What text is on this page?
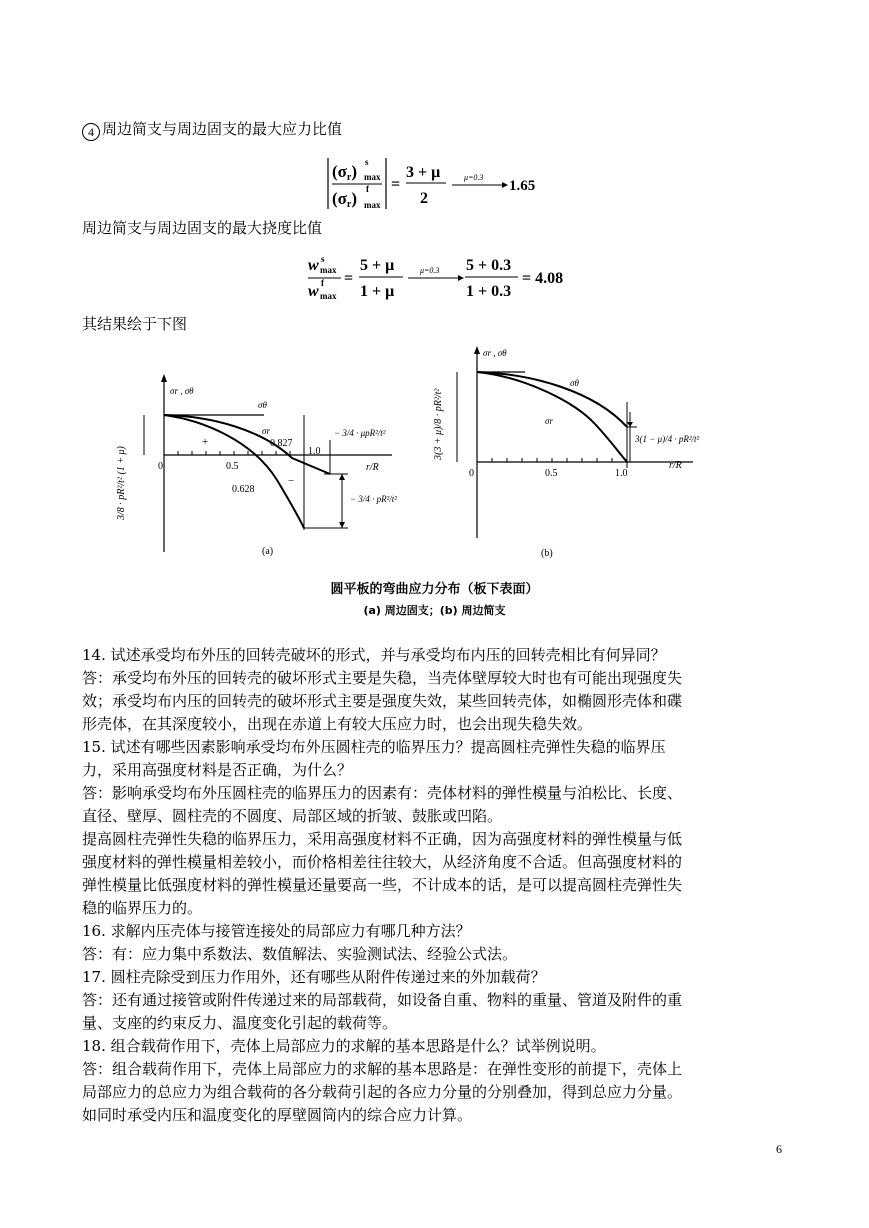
4 周边简支与周边固支的最大应力比值
(σr) s
max
(σr) f
max
=
3 + μ
2
μ=0.3
1.65
周边简支与周边固支的最大挠度比值
w s
max
w f
max
=
5 + μ
1 + μ
μ=0.3 5 + 0.3
1 + 0.3
= 4.08
其结果绘于下图
σr , σθ
0	0.5
1.0
r/R
+
−
σθ
σr
0.827
0.628
3/8 · pR²/t² (1 + μ)
− 3/4 · μpR²/t²
− 3/4 · pR²/t²
(a)
σr , σθ
0	0.5	1.0
r/R
σθ
σr
3(3 + μ)/8 · pR²/t²	3(1 − μ)/4 · pR²/t²
(b)
圆平板的弯曲应力分布（板下表面）
(a) 周边固支；(b) 周边简支
14. 试述承受均布外压的回转壳破坏的形式，并与承受均布内压的回转壳相比有何异同？
答：承受均布外压的回转壳的破坏形式主要是失稳，当壳体壁厚较大时也有可能出现强度失
效；承受均布内压的回转壳的破坏形式主要是强度失效，某些回转壳体，如椭圆形壳体和碟
形壳体，在其深度较小，出现在赤道上有较大压应力时，也会出现失稳失效。
15. 试述有哪些因素影响承受均布外压圆柱壳的临界压力？提高圆柱壳弹性失稳的临界压
力，采用高强度材料是否正确，为什么？
答：影响承受均布外压圆柱壳的临界压力的因素有：壳体材料的弹性模量与泊松比、长度、
直径、壁厚、圆柱壳的不圆度、局部区域的折皱、鼓胀或凹陷。
提高圆柱壳弹性失稳的临界压力，采用高强度材料不正确，因为高强度材料的弹性模量与低
强度材料的弹性模量相差较小，而价格相差往往较大，从经济角度不合适。但高强度材料的
弹性模量比低强度材料的弹性模量还量要高一些，不计成本的话，是可以提高圆柱壳弹性失
稳的临界压力的。
16. 求解内压壳体与接管连接处的局部应力有哪几种方法？
答：有：应力集中系数法、数值解法、实验测试法、经验公式法。
17. 圆柱壳除受到压力作用外，还有哪些从附件传递过来的外加载荷？
答：还有通过接管或附件传递过来的局部载荷，如设备自重、物料的重量、管道及附件的重
量、支座的约束反力、温度变化引起的载荷等。
18. 组合载荷作用下，壳体上局部应力的求解的基本思路是什么？试举例说明。
答：组合载荷作用下，壳体上局部应力的求解的基本思路是：在弹性变形的前提下，壳体上
局部应力的总应力为组合载荷的各分载荷引起的各应力分量的分别叠加，得到总应力分量。
如同时承受内压和温度变化的厚壁圆筒内的综合应力计算。
6
